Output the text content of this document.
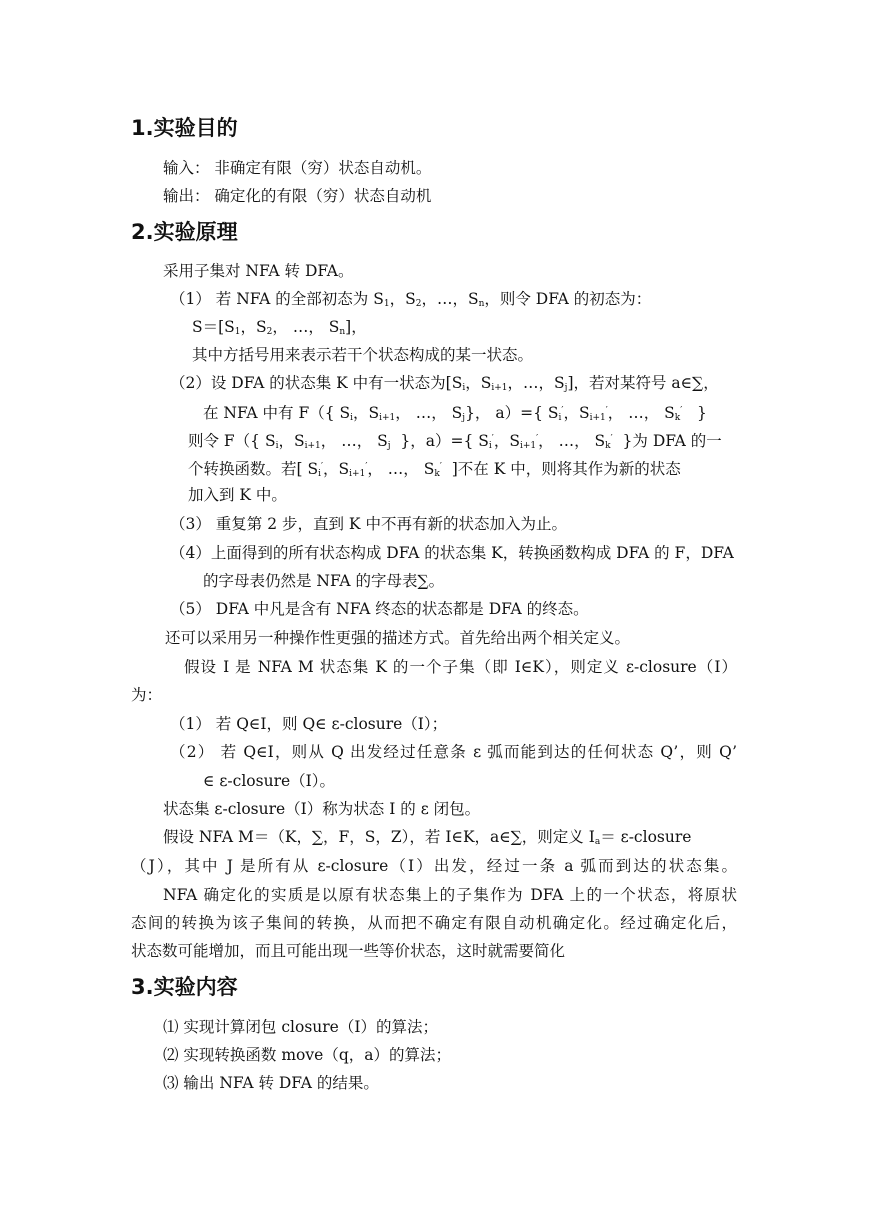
1.实验目的
输入： 非确定有限（穷）状态自动机。
输出： 确定化的有限（穷）状态自动机
2.实验原理
采用子集对 NFA 转 DFA。
（1） 若 NFA 的全部初态为 $S_1$，$S_2$，…，$S_n$，则令 DFA 的初态为：
$S=[S_1$，$S_2$， …， $S_n$]，
其中方括号用来表示若干个状态构成的某一状态。
（2）设 DFA 的状态集 K 中有一状态为[$S_i$，$S_{i+1}$，…，$S_j$]，若对某符号 a∈∑，
在 NFA 中有 F（{ $S_i$，$S_{i+1}$， …， $S_j$}， a）={ $S_i'$，$S_{i+1}'$， …， $S_k'$ }
则令 F（{ $S_i$，$S_{i+1}$， …， $S_j$ }，a）={ $S_i'$，$S_{i+1}'$， …， $S_k'$ }为 DFA 的一
个转换函数。若[ $S_i'$，$S_{i+1}'$， …， $S_k'$ ]不在 K 中，则将其作为新的状态
加入到 K 中。
（3） 重复第 2 步，直到 K 中不再有新的状态加入为止。
（4）上面得到的所有状态构成 DFA 的状态集 K，转换函数构成 DFA 的 F，DFA
的字母表仍然是 NFA 的字母表∑。
（5） DFA 中凡是含有 NFA 终态的状态都是 DFA 的终态。
还可以采用另一种操作性更强的描述方式。首先给出两个相关定义。
假设 I 是 NFA M 状态集 K 的一个子集（即 I∈K），则定义 ε-closure（I）
为：
（1） 若 Q∈I，则 Q∈ ε-closure（I）；
（2） 若 Q∈I，则从 Q 出发经过任意条 ε 弧而能到达的任何状态 Q’，则 Q’
∈ ε-closure（I）。
状态集 ε-closure（I）称为状态 I 的 ε 闭包。
假设 NFA M＝（K，∑，F，S，Z），若 I∈K，a∈∑，则定义 $I_a=$ ε-closure
（J），其中 J 是所有从 ε-closure（I）出发，经过一条 a 弧而到达的状态集。
NFA 确定化的实质是以原有状态集上的子集作为 DFA 上的一个状态，将原状
态间的转换为该子集间的转换，从而把不确定有限自动机确定化。经过确定化后，
状态数可能增加，而且可能出现一些等价状态，这时就需要简化
3.实验内容
⑴ 实现计算闭包 closure（I）的算法；
⑵ 实现转换函数 move（q，a）的算法；
⑶ 输出 NFA 转 DFA 的结果。
